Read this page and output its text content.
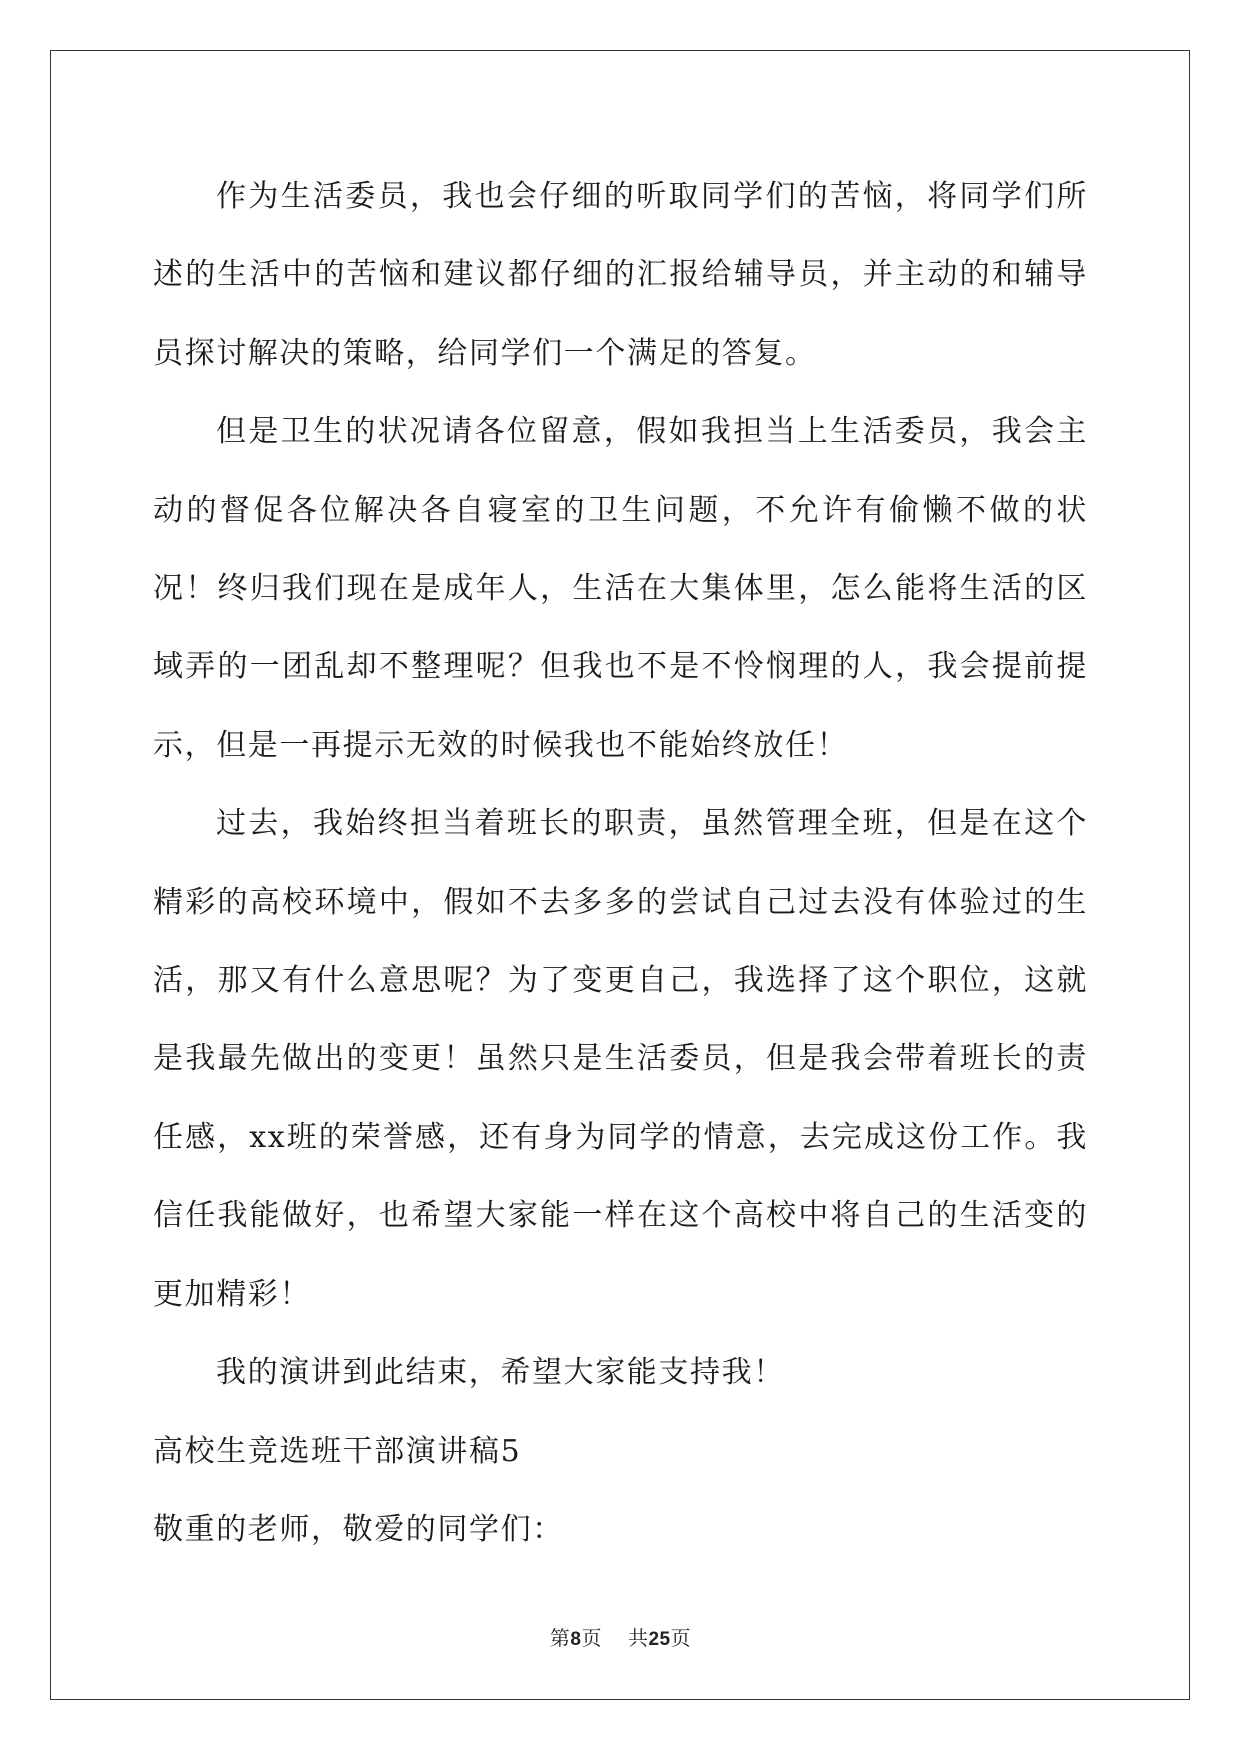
作为生活委员，我也会仔细的听取同学们的苦恼，将同学们所述的生活中的苦恼和建议都仔细的汇报给辅导员，并主动的和辅导员探讨解决的策略，给同学们一个满足的答复。

但是卫生的状况请各位留意，假如我担当上生活委员，我会主动的督促各位解决各自寝室的卫生问题，不允许有偷懒不做的状况！终归我们现在是成年人，生活在大集体里，怎么能将生活的区域弄的一团乱却不整理呢？但我也不是不怜悯理的人，我会提前提示，但是一再提示无效的时候我也不能始终放任！

过去，我始终担当着班长的职责，虽然管理全班，但是在这个精彩的高校环境中，假如不去多多的尝试自己过去没有体验过的生活，那又有什么意思呢？为了变更自己，我选择了这个职位，这就是我最先做出的变更！虽然只是生活委员，但是我会带着班长的责任感，xx班的荣誉感，还有身为同学的情意，去完成这份工作。我信任我能做好，也希望大家能一样在这个高校中将自己的生活变的更加精彩！

我的演讲到此结束，希望大家能支持我！

高校生竞选班干部演讲稿5

敬重的老师，敬爱的同学们：

第8页 共25页
